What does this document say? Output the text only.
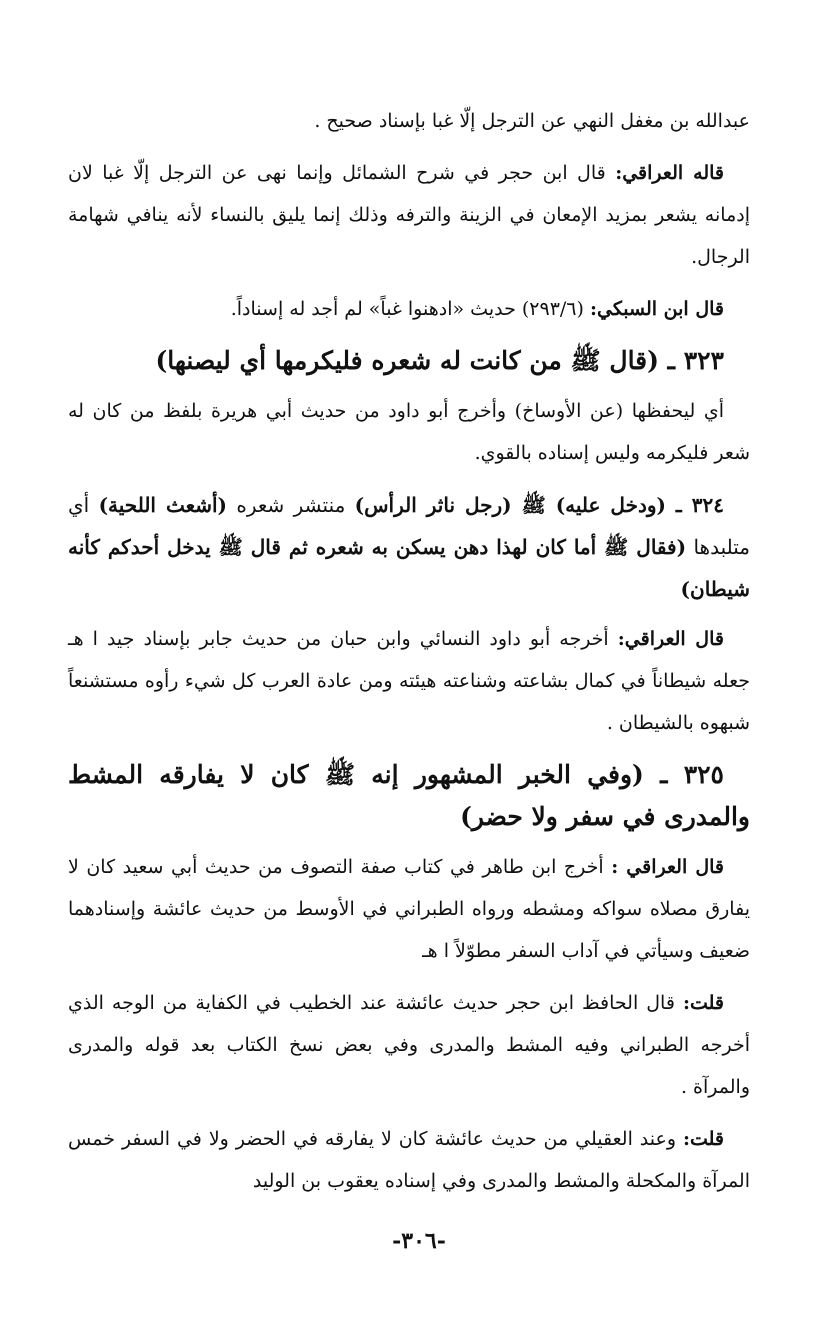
عبدالله بن مغفل النهي عن الترجل إلّا غبا بإسناد صحيح .

قاله العراقي: قال ابن حجر في شرح الشمائل وإنما نهى عن الترجل إلّا غبا لان إدمانه يشعر بمزيد الإمعان في الزينة والترفه وذلك إنما يليق بالنساء لأنه ينافي شهامة الرجال.

قال ابن السبكي: (٢٩٣/٦) حديث «ادهنوا غباً» لم أجد له إسناداً.

٣٢٣ ـ (قال ﷺ من كانت له شعره فليكرمها أي ليصنها)

أي ليحفظها (عن الأوساخ) وأخرج أبو داود من حديث أبي هريرة بلفظ من كان له شعر فليكرمه وليس إسناده بالقوي.

٣٢٤ ـ (ودخل عليه) ﷺ (رجل ناثر الرأس) منتشر شعره (أشعث اللحية) أي متلبدها (فقال ﷺ أما كان لهذا دهن يسكن به شعره ثم قال ﷺ يدخل أحدكم كأنه شيطان)

قال العراقي: أخرجه أبو داود النسائي وابن حبان من حديث جابر بإسناد جيد ا هـ جعله شيطاناً في كمال بشاعته وشناعته هيئته ومن عادة العرب كل شيء رأوه مستشنعاً شبهوه بالشيطان .

٣٢٥ ـ (وفي الخبر المشهور إنه ﷺ كان لا يفارقه المشط والمدرى في سفر ولا حضر)

قال العراقي : أخرج ابن طاهر في كتاب صفة التصوف من حديث أبي سعيد كان لا يفارق مصلاه سواكه ومشطه ورواه الطبراني في الأوسط من حديث عائشة وإسنادهما ضعيف وسيأتي في آداب السفر مطوّلاً ا هـ

قلت: قال الحافظ ابن حجر حديث عائشة عند الخطيب في الكفاية من الوجه الذي أخرجه الطبراني وفيه المشط والمدرى وفي بعض نسخ الكتاب بعد قوله والمدرى والمرآة .

قلت: وعند العقيلي من حديث عائشة كان لا يفارقه في الحضر ولا في السفر خمس المرآة والمكحلة والمشط والمدرى وفي إسناده يعقوب بن الوليد

-٣٠٦-
